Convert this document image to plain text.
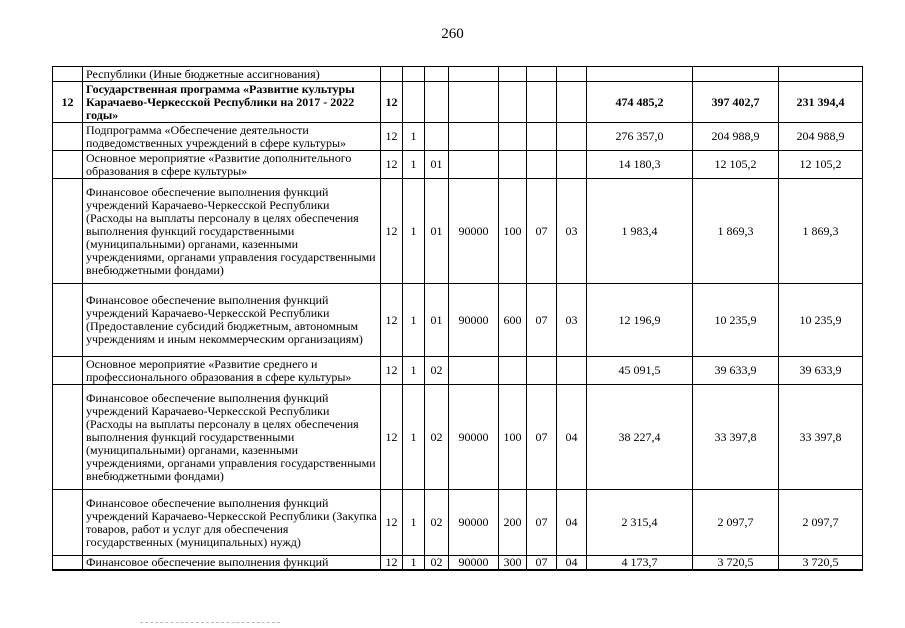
260
	Республики (Иные бюджетные ассигнования)										
12	Государственная программа «Развитие культуры Карачаево-Черкесской Республики на 2017 - 2022 годы»	12							474 485,2	397 402,7	231 394,4
	Подпрограмма «Обеспечение деятельности подведомственных учреждений в сфере культуры»	12	1						276 357,0	204 988,9	204 988,9
	Основное мероприятие «Развитие дополнительного образования в сфере культуры»	12	1	01					14 180,3	12 105,2	12 105,2
	Финансовое обеспечение выполнения функций учреждений Карачаево-Черкесской Республики (Расходы на выплаты персоналу в целях обеспечения выполнения функций государственными (муниципальными) органами, казенными учреждениями, органами управления государственными внебюджетными фондами)	12	1	01	90000	100	07	03	1 983,4	1 869,3	1 869,3
	Финансовое обеспечение выполнения функций учреждений Карачаево-Черкесской Республики (Предоставление субсидий бюджетным, автономным учреждениям и иным некоммерческим организациям)	12	1	01	90000	600	07	03	12 196,9	10 235,9	10 235,9
	Основное мероприятие «Развитие среднего и профессионального образования в сфере культуры»	12	1	02					45 091,5	39 633,9	39 633,9
	Финансовое обеспечение выполнения функций учреждений Карачаево-Черкесской Республики (Расходы на выплаты персоналу в целях обеспечения выполнения функций государственными (муниципальными) органами, казенными учреждениями, органами управления государственными внебюджетными фондами)	12	1	02	90000	100	07	04	38 227,4	33 397,8	33 397,8
	Финансовое обеспечение выполнения функций учреждений Карачаево-Черкесской Республики (Закупка товаров, работ и услуг для обеспечения государственных (муниципальных) нужд)	12	1	02	90000	200	07	04	2 315,4	2 097,7	2 097,7
	Финансовое обеспечение выполнения функций	12	1	02	90000	300	07	04	4 173,7	3 720,5	3 720,5
